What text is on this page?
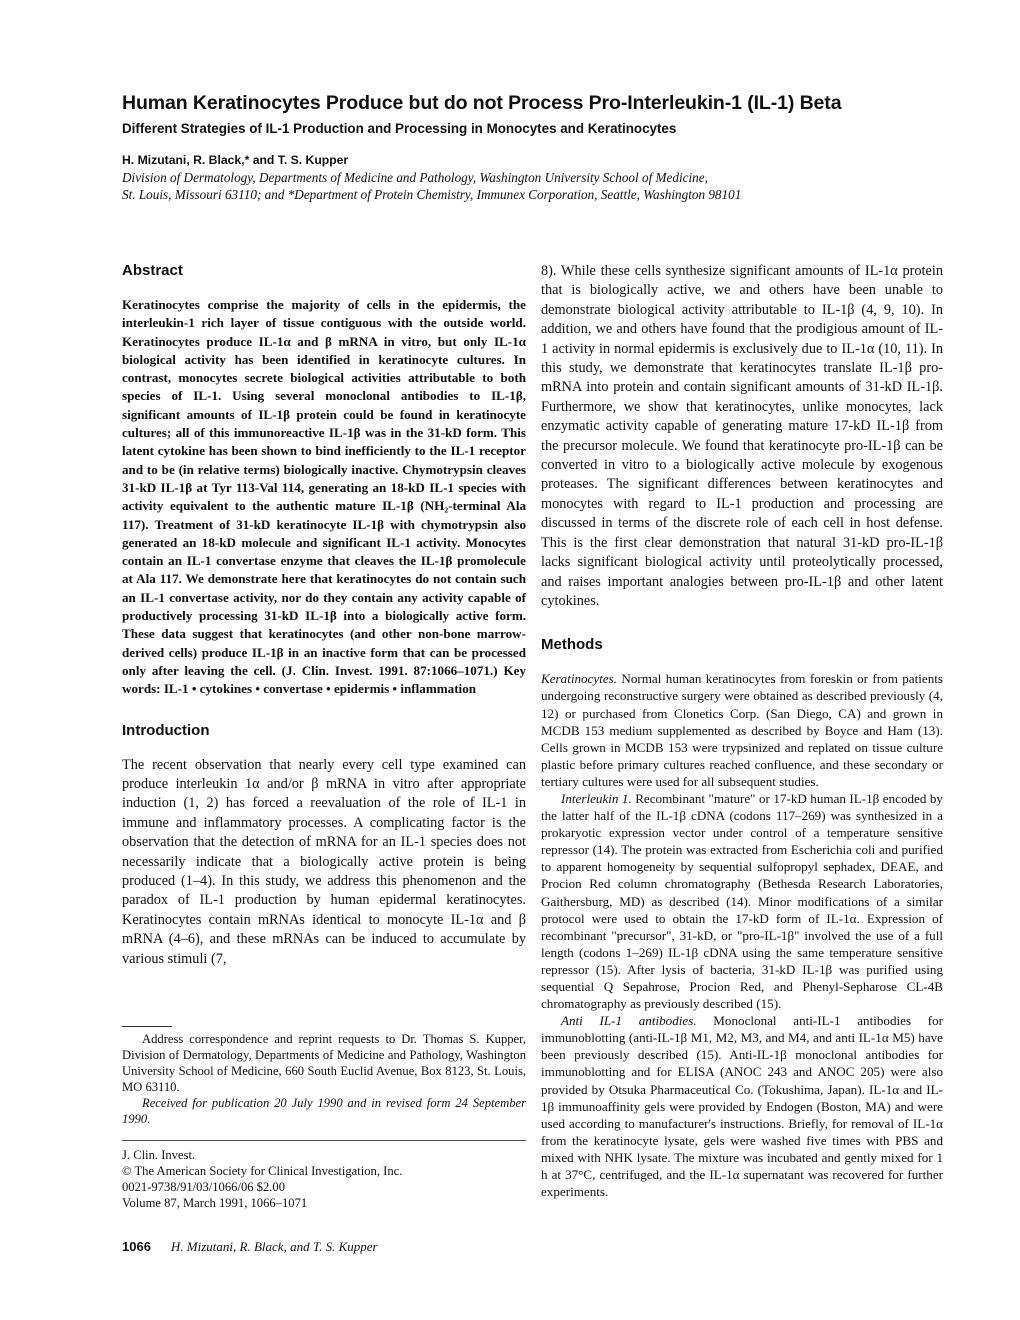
Human Keratinocytes Produce but do not Process Pro-Interleukin-1 (IL-1) Beta
Different Strategies of IL-1 Production and Processing in Monocytes and Keratinocytes
H. Mizutani, R. Black,* and T. S. Kupper
Division of Dermatology, Departments of Medicine and Pathology, Washington University School of Medicine,
St. Louis, Missouri 63110; and *Department of Protein Chemistry, Immunex Corporation, Seattle, Washington 98101
Abstract

Keratinocytes comprise the majority of cells in the epidermis, the interleukin-1 rich layer of tissue contiguous with the outside world. Keratinocytes produce IL-1α and β mRNA in vitro, but only IL-1α biological activity has been identified in keratinocyte cultures. In contrast, monocytes secrete biological activities attributable to both species of IL-1. Using several monoclonal antibodies to IL-1β, significant amounts of IL-1β protein could be found in keratinocyte cultures; all of this immunoreactive IL-1β was in the 31-kD form. This latent cytokine has been shown to bind inefficiently to the IL-1 receptor and to be (in relative terms) biologically inactive. Chymotrypsin cleaves 31-kD IL-1β at Tyr 113-Val 114, generating an 18-kD IL-1 species with activity equivalent to the authentic mature IL-1β (NH₂-terminal Ala 117). Treatment of 31-kD keratinocyte IL-1β with chymotrypsin also generated an 18-kD molecule and significant IL-1 activity. Monocytes contain an IL-1 convertase enzyme that cleaves the IL-1β promolecule at Ala 117. We demonstrate here that keratinocytes do not contain such an IL-1 convertase activity, nor do they contain any activity capable of productively processing 31-kD IL-1β into a biologically active form. These data suggest that keratinocytes (and other non-bone marrow-derived cells) produce IL-1β in an inactive form that can be processed only after leaving the cell. (J. Clin. Invest. 1991. 87:1066–1071.) Key words: IL-1 • cytokines • convertase • epidermis • inflammation

Introduction

The recent observation that nearly every cell type examined can produce interleukin 1α and/or β mRNA in vitro after appropriate induction (1, 2) has forced a reevaluation of the role of IL-1 in immune and inflammatory processes. A complicating factor is the observation that the detection of mRNA for an IL-1 species does not necessarily indicate that a biologically active protein is being produced (1–4). In this study, we address this phenomenon and the paradox of IL-1 production by human epidermal keratinocytes. Keratinocytes contain mRNAs identical to monocyte IL-1α and β mRNA (4–6), and these mRNAs can be induced to accumulate by various stimuli (7,

Address correspondence and reprint requests to Dr. Thomas S. Kupper, Division of Dermatology, Departments of Medicine and Pathology, Washington University School of Medicine, 660 South Euclid Avenue, Box 8123, St. Louis, MO 63110.

Received for publication 20 July 1990 and in revised form 24 September 1990.

J. Clin. Invest.
© The American Society for Clinical Investigation, Inc.
0021-9738/91/03/1066/06 $2.00
Volume 87, March 1991, 1066–1071
1066 H. Mizutani, R. Black, and T. S. Kupper

8). While these cells synthesize significant amounts of IL-1α protein that is biologically active, we and others have been unable to demonstrate biological activity attributable to IL-1β (4, 9, 10). In addition, we and others have found that the prodigious amount of IL-1 activity in normal epidermis is exclusively due to IL-1α (10, 11). In this study, we demonstrate that keratinocytes translate IL-1β pro-mRNA into protein and contain significant amounts of 31-kD IL-1β. Furthermore, we show that keratinocytes, unlike monocytes, lack enzymatic activity capable of generating mature 17-kD IL-1β from the precursor molecule. We found that keratinocyte pro-IL-1β can be converted in vitro to a biologically active molecule by exogenous proteases. The significant differences between keratinocytes and monocytes with regard to IL-1 production and processing are discussed in terms of the discrete role of each cell in host defense. This is the first clear demonstration that natural 31-kD pro-IL-1β lacks significant biological activity until proteolytically processed, and raises important analogies between pro-IL-1β and other latent cytokines.

Methods

Keratinocytes. Normal human keratinocytes from foreskin or from patients undergoing reconstructive surgery were obtained as described previously (4, 12) or purchased from Clonetics Corp. (San Diego, CA) and grown in MCDB 153 medium supplemented as described by Boyce and Ham (13). Cells grown in MCDB 153 were trypsinized and replated on tissue culture plastic before primary cultures reached confluence, and these secondary or tertiary cultures were used for all subsequent studies.

Interleukin 1. Recombinant "mature" or 17-kD human IL-1β encoded by the latter half of the IL-1β cDNA (codons 117–269) was synthesized in a prokaryotic expression vector under control of a temperature sensitive repressor (14). The protein was extracted from Escherichia coli and purified to apparent homogeneity by sequential sulfopropyl sephadex, DEAE, and Procion Red column chromatography (Bethesda Research Laboratories, Gaithersburg, MD) as described (14). Minor modifications of a similar protocol were used to obtain the 17-kD form of IL-1α. Expression of recombinant "precursor", 31-kD, or "pro-IL-1β" involved the use of a full length (codons 1–269) IL-1β cDNA using the same temperature sensitive repressor (15). After lysis of bacteria, 31-kD IL-1β was purified using sequential Q Sepahrose, Procion Red, and Phenyl-Sepharose CL-4B chromatography as previously described (15).

Anti IL-1 antibodies. Monoclonal anti-IL-1 antibodies for immunoblotting (anti-IL-1β M1, M2, M3, and M4, and anti IL-1α M5) have been previously described (15). Anti-IL-1β monoclonal antibodies for immunoblotting and for ELISA (ANOC 243 and ANOC 205) were also provided by Otsuka Pharmaceutical Co. (Tokushima, Japan). IL-1α and IL-1β immunoaffinity gels were provided by Endogen (Boston, MA) and were used according to manufacturer's instructions. Briefly, for removal of IL-1α from the keratinocyte lysate, gels were washed five times with PBS and mixed with NHK lysate. The mixture was incubated and gently mixed for 1 h at 37°C, centrifuged, and the IL-1α supernatant was recovered for further experiments.
